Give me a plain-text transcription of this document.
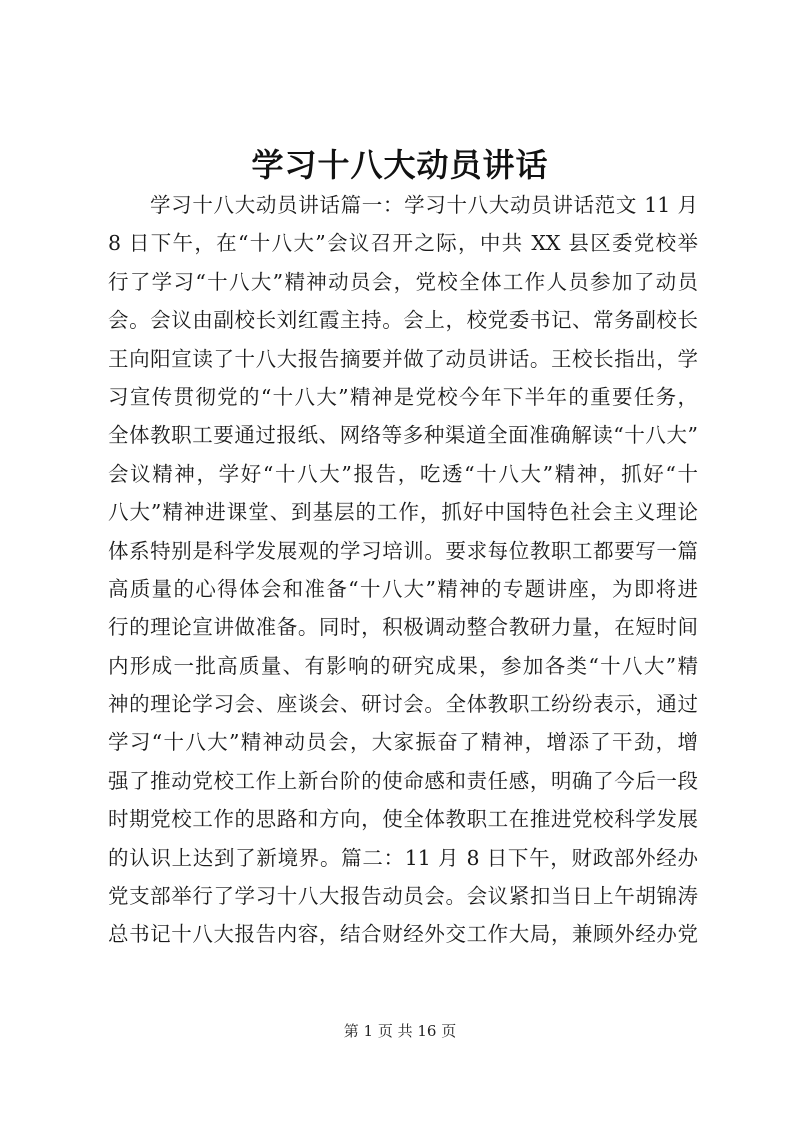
学习十八大动员讲话
学习十八大动员讲话篇一：学习十八大动员讲话范文 11 月
8 日下午，在“十八大”会议召开之际，中共 XX 县区委党校举
行了学习“十八大”精神动员会，党校全体工作人员参加了动员
会。会议由副校长刘红霞主持。会上，校党委书记、常务副校长
王向阳宣读了十八大报告摘要并做了动员讲话。王校长指出，学
习宣传贯彻党的“十八大”精神是党校今年下半年的重要任务，
全体教职工要通过报纸、网络等多种渠道全面准确解读“十八大”
会议精神，学好“十八大”报告，吃透“十八大”精神，抓好“十
八大”精神进课堂、到基层的工作，抓好中国特色社会主义理论
体系特别是科学发展观的学习培训。要求每位教职工都要写一篇
高质量的心得体会和准备“十八大”精神的专题讲座，为即将进
行的理论宣讲做准备。同时，积极调动整合教研力量，在短时间
内形成一批高质量、有影响的研究成果，参加各类“十八大”精
神的理论学习会、座谈会、研讨会。全体教职工纷纷表示，通过
学习“十八大”精神动员会，大家振奋了精神，增添了干劲，增
强了推动党校工作上新台阶的使命感和责任感，明确了今后一段
时期党校工作的思路和方向，使全体教职工在推进党校科学发展
的认识上达到了新境界。篇二：11 月 8 日下午，财政部外经办
党支部举行了学习十八大报告动员会。会议紧扣当日上午胡锦涛
总书记十八大报告内容，结合财经外交工作大局，兼顾外经办党
第 1 页 共 16 页
